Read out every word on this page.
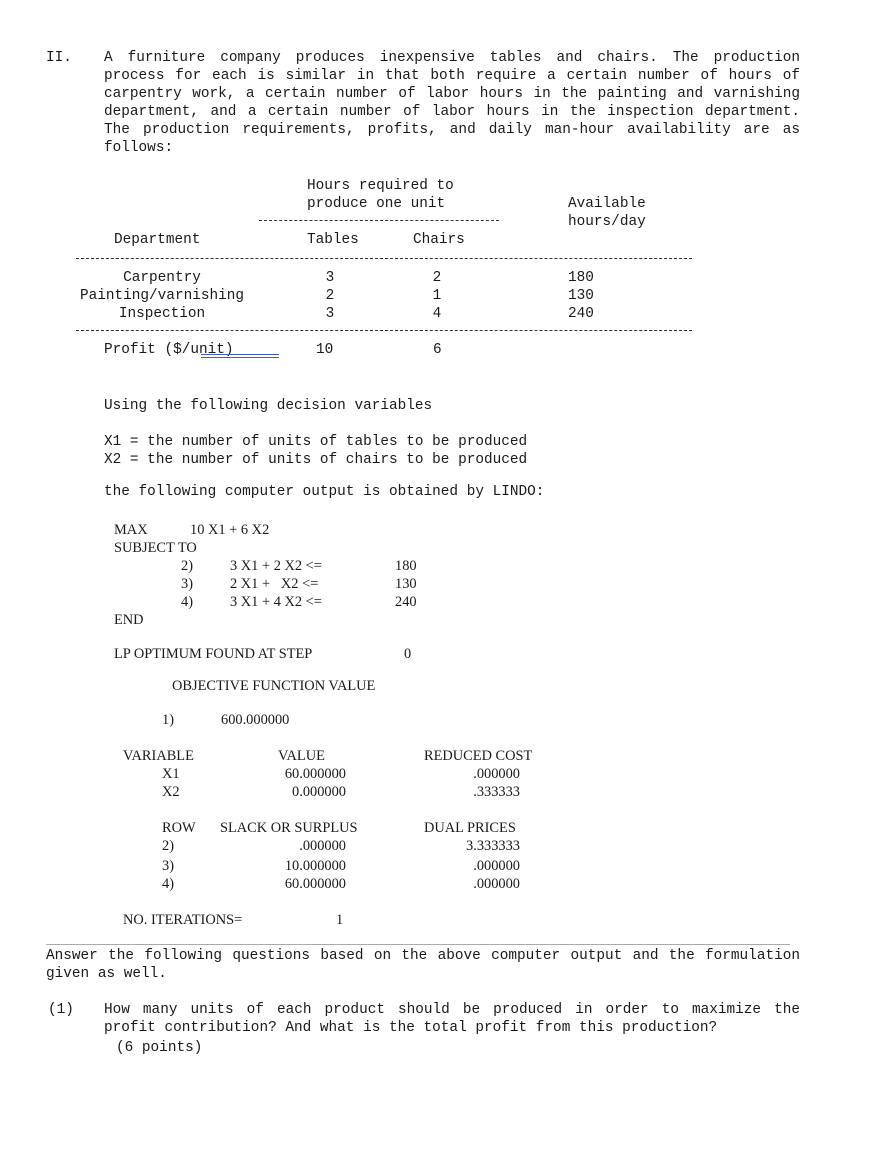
II. A furniture company produces inexpensive tables and chairs. The production process for each is similar in that both require a certain number of hours of carpentry work, a certain number of labor hours in the painting and varnishing department, and a certain number of labor hours in the inspection department. The production requirements, profits, and daily man-hour availability are as follows:
Hours required to
produce one unit	Available
hours/day
Department	Tables	Chairs
Carpentry	3	2	180
Painting/varnishing	2	1	130
Inspection	3	4	240
Profit ($/unit)	10	6
Using the following decision variables
X1 = the number of units of tables to be produced
X2 = the number of units of chairs to be produced
the following computer output is obtained by LINDO:
MAX	10 X1 + 6 X2
SUBJECT TO
2)	3 X1 + 2 X2 <=	180
3)	2 X1 +   X2 <=	130
4)	3 X1 + 4 X2 <=	240
END
LP OPTIMUM FOUND AT STEP	0
OBJECTIVE FUNCTION VALUE
1)	600.000000
VARIABLE	VALUE	REDUCED COST
X1	60.000000	.000000
X2	0.000000	.333333
ROW SLACK OR SURPLUS	DUAL PRICES
2)	.000000	3.333333
3)	10.000000	.000000
4)	60.000000	.000000
NO. ITERATIONS=	1
Answer the following questions based on the above computer output and the formulation given as well.
(1) How many units of each product should be produced in order to maximize the profit contribution? And what is the total profit from this production?
(6 points)
